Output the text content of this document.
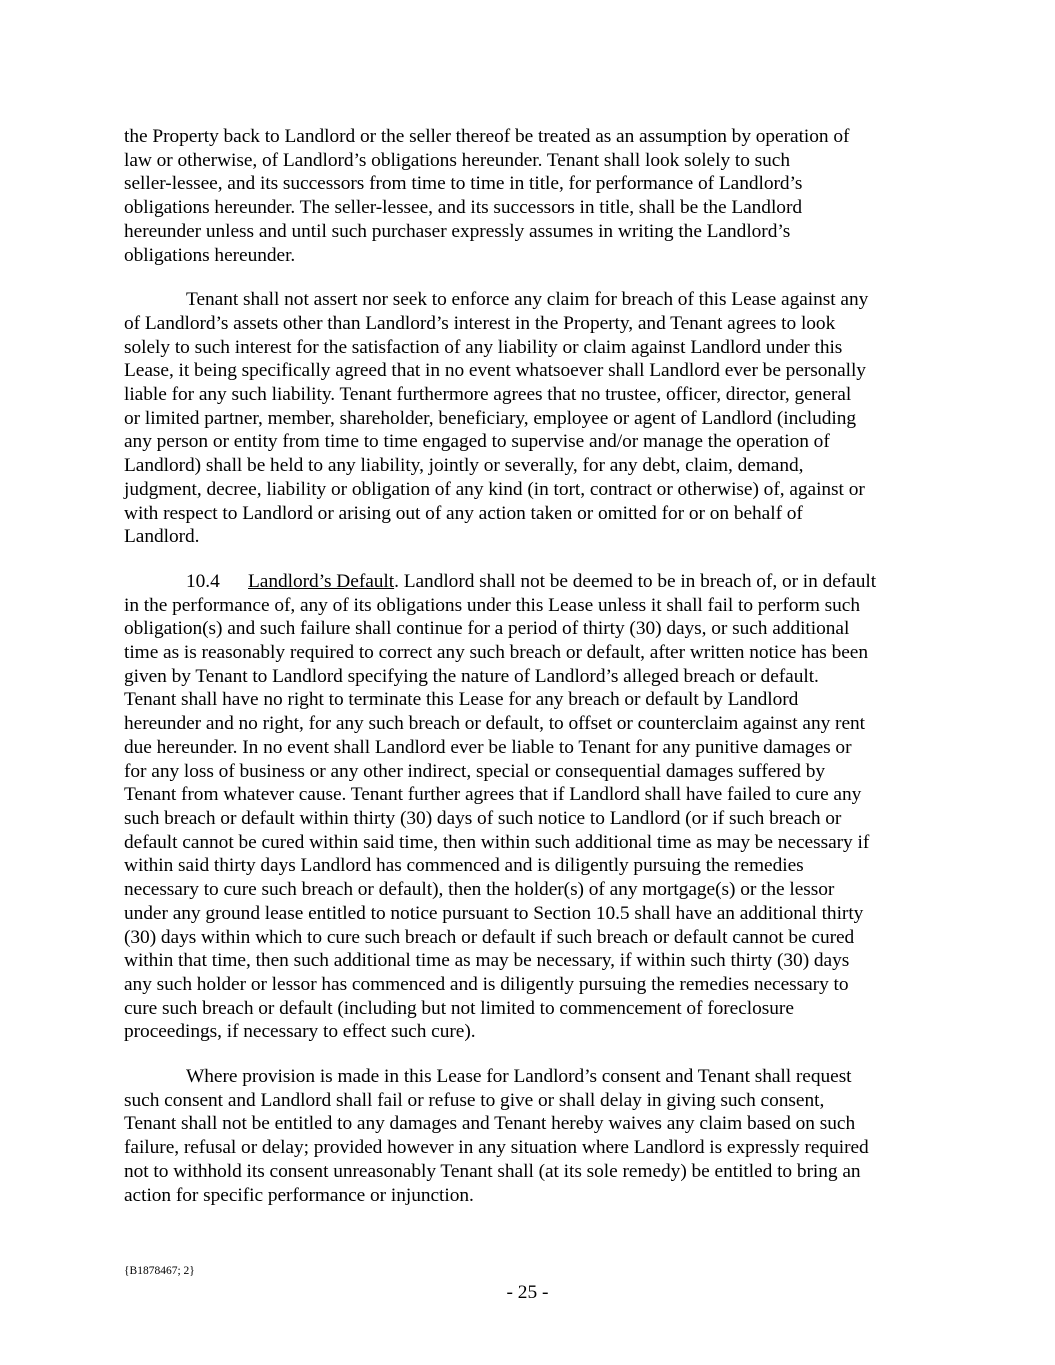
the Property back to Landlord or the seller thereof be treated as an assumption by operation of
law or otherwise, of Landlord’s obligations hereunder. Tenant shall look solely to such
seller-lessee, and its successors from time to time in title, for performance of Landlord’s
obligations hereunder. The seller-lessee, and its successors in title, shall be the Landlord
hereunder unless and until such purchaser expressly assumes in writing the Landlord’s
obligations hereunder.

Tenant shall not assert nor seek to enforce any claim for breach of this Lease against any
of Landlord’s assets other than Landlord’s interest in the Property, and Tenant agrees to look
solely to such interest for the satisfaction of any liability or claim against Landlord under this
Lease, it being specifically agreed that in no event whatsoever shall Landlord ever be personally
liable for any such liability. Tenant furthermore agrees that no trustee, officer, director, general
or limited partner, member, shareholder, beneficiary, employee or agent of Landlord (including
any person or entity from time to time engaged to supervise and/or manage the operation of
Landlord) shall be held to any liability, jointly or severally, for any debt, claim, demand,
judgment, decree, liability or obligation of any kind (in tort, contract or otherwise) of, against or
with respect to Landlord or arising out of any action taken or omitted for or on behalf of
Landlord.

10.4 Landlord’s Default. Landlord shall not be deemed to be in breach of, or in default
in the performance of, any of its obligations under this Lease unless it shall fail to perform such
obligation(s) and such failure shall continue for a period of thirty (30) days, or such additional
time as is reasonably required to correct any such breach or default, after written notice has been
given by Tenant to Landlord specifying the nature of Landlord’s alleged breach or default.
Tenant shall have no right to terminate this Lease for any breach or default by Landlord
hereunder and no right, for any such breach or default, to offset or counterclaim against any rent
due hereunder. In no event shall Landlord ever be liable to Tenant for any punitive damages or
for any loss of business or any other indirect, special or consequential damages suffered by
Tenant from whatever cause. Tenant further agrees that if Landlord shall have failed to cure any
such breach or default within thirty (30) days of such notice to Landlord (or if such breach or
default cannot be cured within said time, then within such additional time as may be necessary if
within said thirty days Landlord has commenced and is diligently pursuing the remedies
necessary to cure such breach or default), then the holder(s) of any mortgage(s) or the lessor
under any ground lease entitled to notice pursuant to Section 10.5 shall have an additional thirty
(30) days within which to cure such breach or default if such breach or default cannot be cured
within that time, then such additional time as may be necessary, if within such thirty (30) days
any such holder or lessor has commenced and is diligently pursuing the remedies necessary to
cure such breach or default (including but not limited to commencement of foreclosure
proceedings, if necessary to effect such cure).

Where provision is made in this Lease for Landlord’s consent and Tenant shall request
such consent and Landlord shall fail or refuse to give or shall delay in giving such consent,
Tenant shall not be entitled to any damages and Tenant hereby waives any claim based on such
failure, refusal or delay; provided however in any situation where Landlord is expressly required
not to withhold its consent unreasonably Tenant shall (at its sole remedy) be entitled to bring an
action for specific performance or injunction.

{B1878467; 2}
- 25 -
